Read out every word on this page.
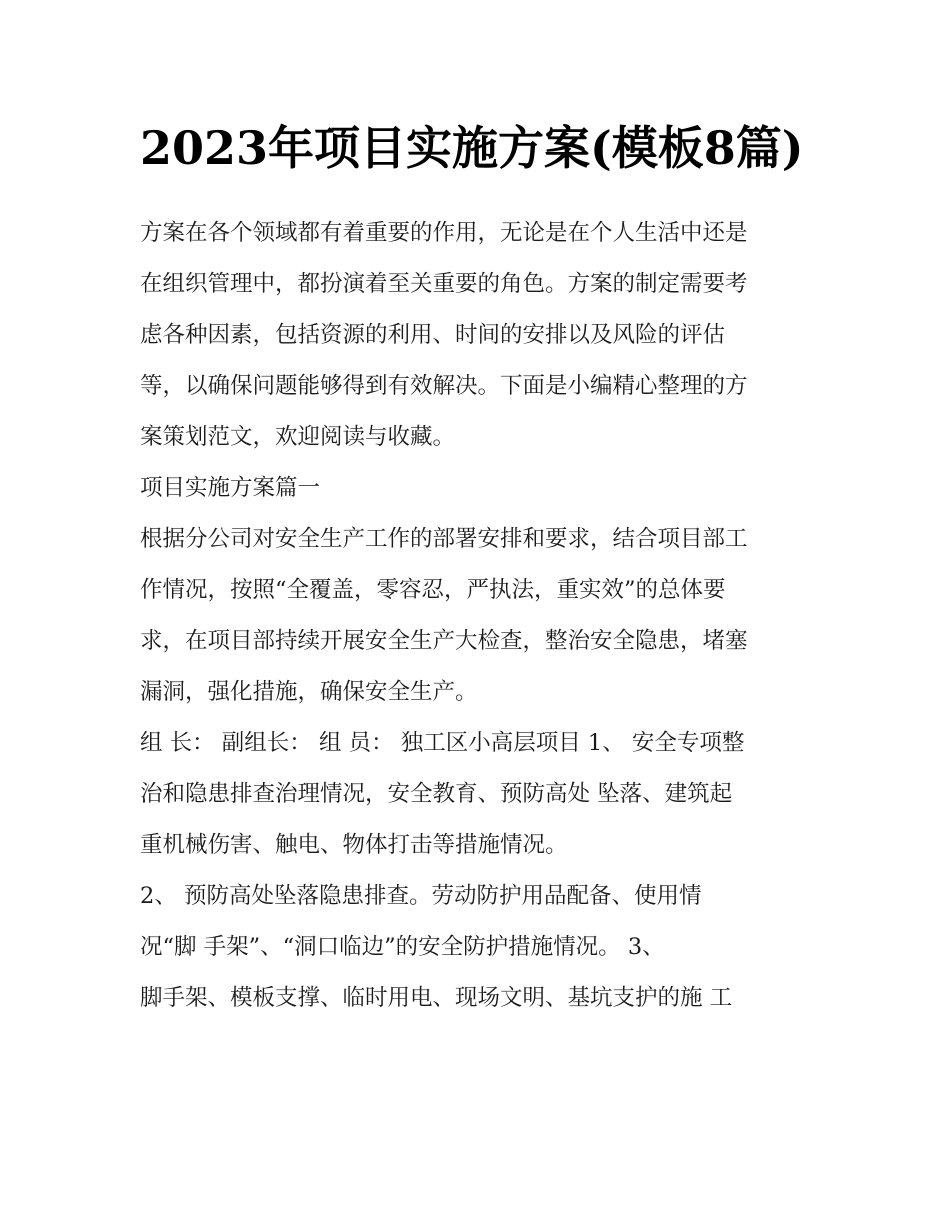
2023年项目实施方案(模板8篇)
方案在各个领域都有着重要的作用，无论是在个人生活中还是
在组织管理中，都扮演着至关重要的角色。方案的制定需要考
虑各种因素，包括资源的利用、时间的安排以及风险的评估
等，以确保问题能够得到有效解决。下面是小编精心整理的方
案策划范文，欢迎阅读与收藏。
项目实施方案篇一
根据分公司对安全生产工作的部署安排和要求，结合项目部工
作情况，按照“全覆盖，零容忍，严执法，重实效”的总体要
求，在项目部持续开展安全生产大检查，整治安全隐患，堵塞
漏洞，强化措施，确保安全生产。
组 长： 副组长： 组 员： 独工区小高层项目 1、 安全专项整
治和隐患排查治理情况，安全教育、预防高处 坠落、建筑起
重机械伤害、触电、物体打击等措施情况。
2、 预防高处坠落隐患排查。劳动防护用品配备、使用情
况“脚 手架”、“洞口临边”的安全防护措施情况。 3、
脚手架、模板支撑、临时用电、现场文明、基坑支护的施 工
